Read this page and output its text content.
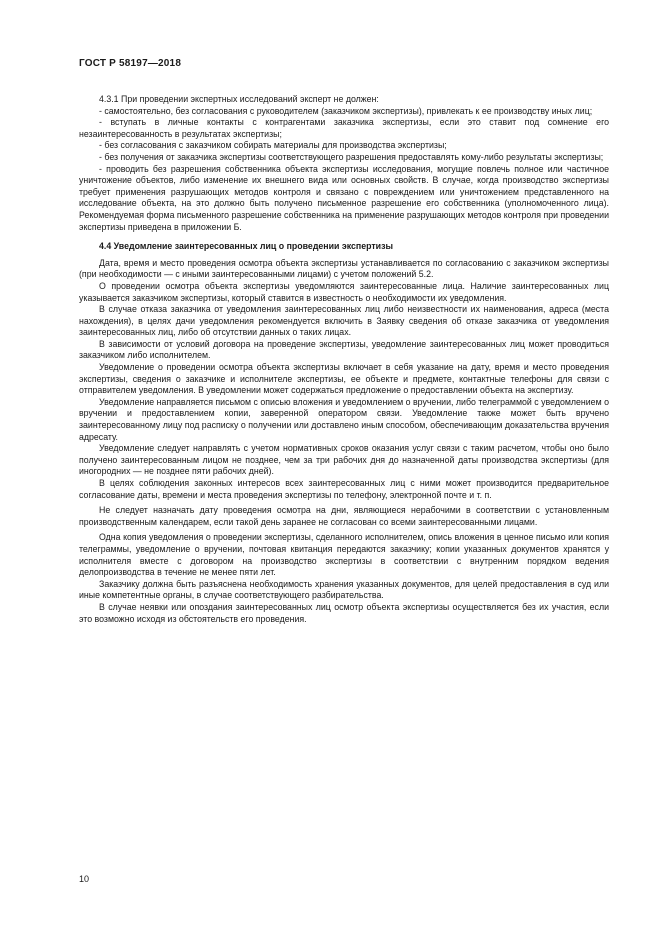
ГОСТ Р 58197—2018

4.3.1 При проведении экспертных исследований эксперт не должен:

- самостоятельно, без согласования с руководителем (заказчиком экспертизы), привлекать к ее производству иных лиц;

- вступать в личные контакты с контрагентами заказчика экспертизы, если это ставит под сомнение его незаинтересованность в результатах экспертизы;

- без согласования с заказчиком собирать материалы для производства экспертизы;

- без получения от заказчика экспертизы соответствующего разрешения предоставлять кому-либо результаты экспертизы;

- проводить без разрешения собственника объекта экспертизы исследования, могущие повлечь полное или частичное уничтожение объектов, либо изменение их внешнего вида или основных свойств. В случае, когда производство экспертизы требует применения разрушающих методов контроля и связано с повреждением или уничтожением представленного на исследование объекта, на это должно быть получено письменное разрешение его собственника (уполномоченного лица). Рекомендуемая форма письменного разрешение собственника на применение разрушающих методов контроля при проведении экспертизы приведена в приложении Б.

4.4 Уведомление заинтересованных лиц о проведении экспертизы

Дата, время и место проведения осмотра объекта экспертизы устанавливается по согласованию с заказчиком экспертизы (при необходимости — с иными заинтересованными лицами) с учетом положений 5.2.

О проведении осмотра объекта экспертизы уведомляются заинтересованные лица. Наличие заинтересованных лиц указывается заказчиком экспертизы, который ставится в известность о необходимости их уведомления.

В случае отказа заказчика от уведомления заинтересованных лиц либо неизвестности их наименования, адреса (места нахождения), в целях дачи уведомления рекомендуется включить в Заявку сведения об отказе заказчика от уведомления заинтересованных лиц, либо об отсутствии данных о таких лицах.

В зависимости от условий договора на проведение экспертизы, уведомление заинтересованных лиц может проводиться заказчиком либо исполнителем.

Уведомление о проведении осмотра объекта экспертизы включает в себя указание на дату, время и место проведения экспертизы, сведения о заказчике и исполнителе экспертизы, ее объекте и предмете, контактные телефоны для связи с отправителем уведомления. В уведомлении может содержаться предложение о предоставлении объекта на экспертизу.

Уведомление направляется письмом с описью вложения и уведомлением о вручении, либо телеграммой с уведомлением о вручении и предоставлением копии, заверенной оператором связи. Уведомление также может быть вручено заинтересованному лицу под расписку о получении или доставлено иным способом, обеспечивающим доказательства вручения адресату.

Уведомление следует направлять с учетом нормативных сроков оказания услуг связи с таким расчетом, чтобы оно было получено заинтересованным лицом не позднее, чем за три рабочих дня до назначенной даты производства экспертизы (для иногородних — не позднее пяти рабочих дней).

В целях соблюдения законных интересов всех заинтересованных лиц с ними может производится предварительное согласование даты, времени и места проведения экспертизы по телефону, электронной почте и т. п.

Не следует назначать дату проведения осмотра на дни, являющиеся нерабочими в соответствии с установленным производственным календарем, если такой день заранее не согласован со всеми заинтересованными лицами.

Одна копия уведомления о проведении экспертизы, сделанного исполнителем, опись вложения в ценное письмо или копия телеграммы, уведомление о вручении, почтовая квитанция передаются заказчику; копии указанных документов хранятся у исполнителя вместе с договором на производство экспертизы в соответствии с внутренним порядком ведения делопроизводства в течение не менее пяти лет.

Заказчику должна быть разъяснена необходимость хранения указанных документов, для целей предоставления в суд или иные компетентные органы, в случае соответствующего разбирательства.

В случае неявки или опоздания заинтересованных лиц осмотр объекта экспертизы осуществляется без их участия, если это возможно исходя из обстоятельств его проведения.

10
